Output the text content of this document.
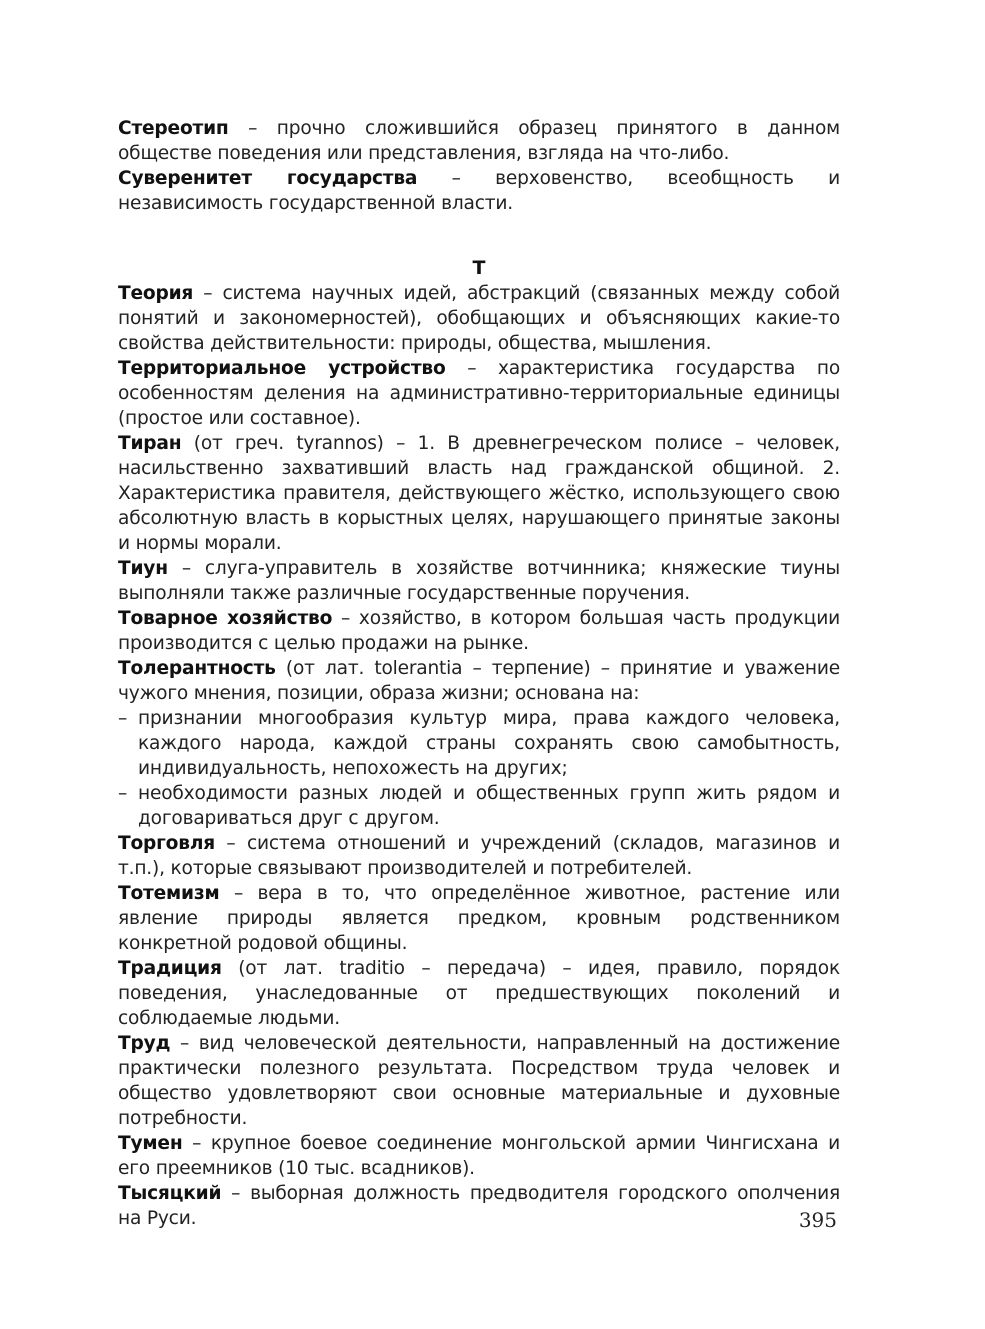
Стереотип – прочно сложившийся образец принятого в данном обществе поведения или представления, взгляда на что-либо.

Суверенитет государства – верховенство, всеобщность и независимость государственной власти.

Т

Теория – система научных идей, абстракций (связанных между собой понятий и закономерностей), обобщающих и объясняющих какие-то свойства действительности: природы, общества, мышления.

Территориальное устройство – характеристика государства по особенностям деления на административно-территориальные единицы (простое или составное).

Тиран (от греч. tyrannos) – 1. В древнегреческом полисе – человек, насильственно захвативший власть над гражданской общиной. 2. Характеристика правителя, действующего жёстко, использующего свою абсолютную власть в корыстных целях, нарушающего принятые законы и нормы морали.

Тиун – слуга-управитель в хозяйстве вотчинника; княжеские тиуны выполняли также различные государственные поручения.

Товарное хозяйство – хозяйство, в котором большая часть продукции производится с целью продажи на рынке.

Толерантность (от лат. tolerantia – терпение) – принятие и уважение чужого мнения, позиции, образа жизни; основана на:

– признании многообразия культур мира, права каждого человека, каждого народа, каждой страны сохранять свою самобытность, индивидуальность, непохожесть на других;
– необходимости разных людей и общественных групп жить рядом и договариваться друг с другом.

Торговля – система отношений и учреждений (складов, магазинов и т.п.), которые связывают производителей и потребителей.

Тотемизм – вера в то, что определённое животное, растение или явление природы является предком, кровным родственником конкретной родовой общины.

Традиция (от лат. traditio – передача) – идея, правило, порядок поведения, унаследованные от предшествующих поколений и соблюдаемые людьми.

Труд – вид человеческой деятельности, направленный на достижение практически полезного результата. Посредством труда человек и общество удовлетворяют свои основные материальные и духовные потребности.

Тумен – крупное боевое соединение монгольской армии Чингисхана и его преемников (10 тыс. всадников).

Тысяцкий – выборная должность предводителя городского ополчения на Руси.	395
